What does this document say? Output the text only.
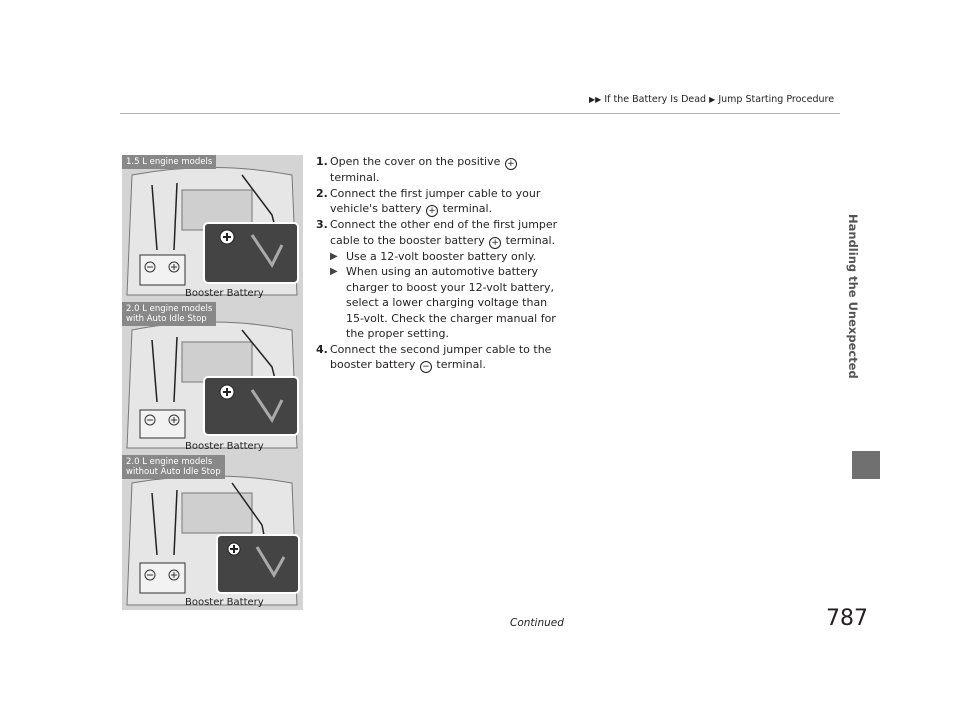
▶▶ If the Battery Is Dead ▶ Jump Starting Procedure
Handling the Unexpected
1.5 L engine models
Booster Battery
2.0 L engine models
with Auto Idle Stop
Booster Battery
2.0 L engine models
without Auto Idle Stop
Booster Battery
1. Open the cover on the positive + terminal.
2. Connect the first jumper cable to your
vehicle's battery + terminal.
3. Connect the other end of the first jumper
cable to the booster battery + terminal.
▶ Use a 12-volt booster battery only.
▶ When using an automotive battery
charger to boost your 12-volt battery,
select a lower charging voltage than
15-volt. Check the charger manual for
the proper setting.
4. Connect the second jumper cable to the
booster battery − terminal.
Continued	787
